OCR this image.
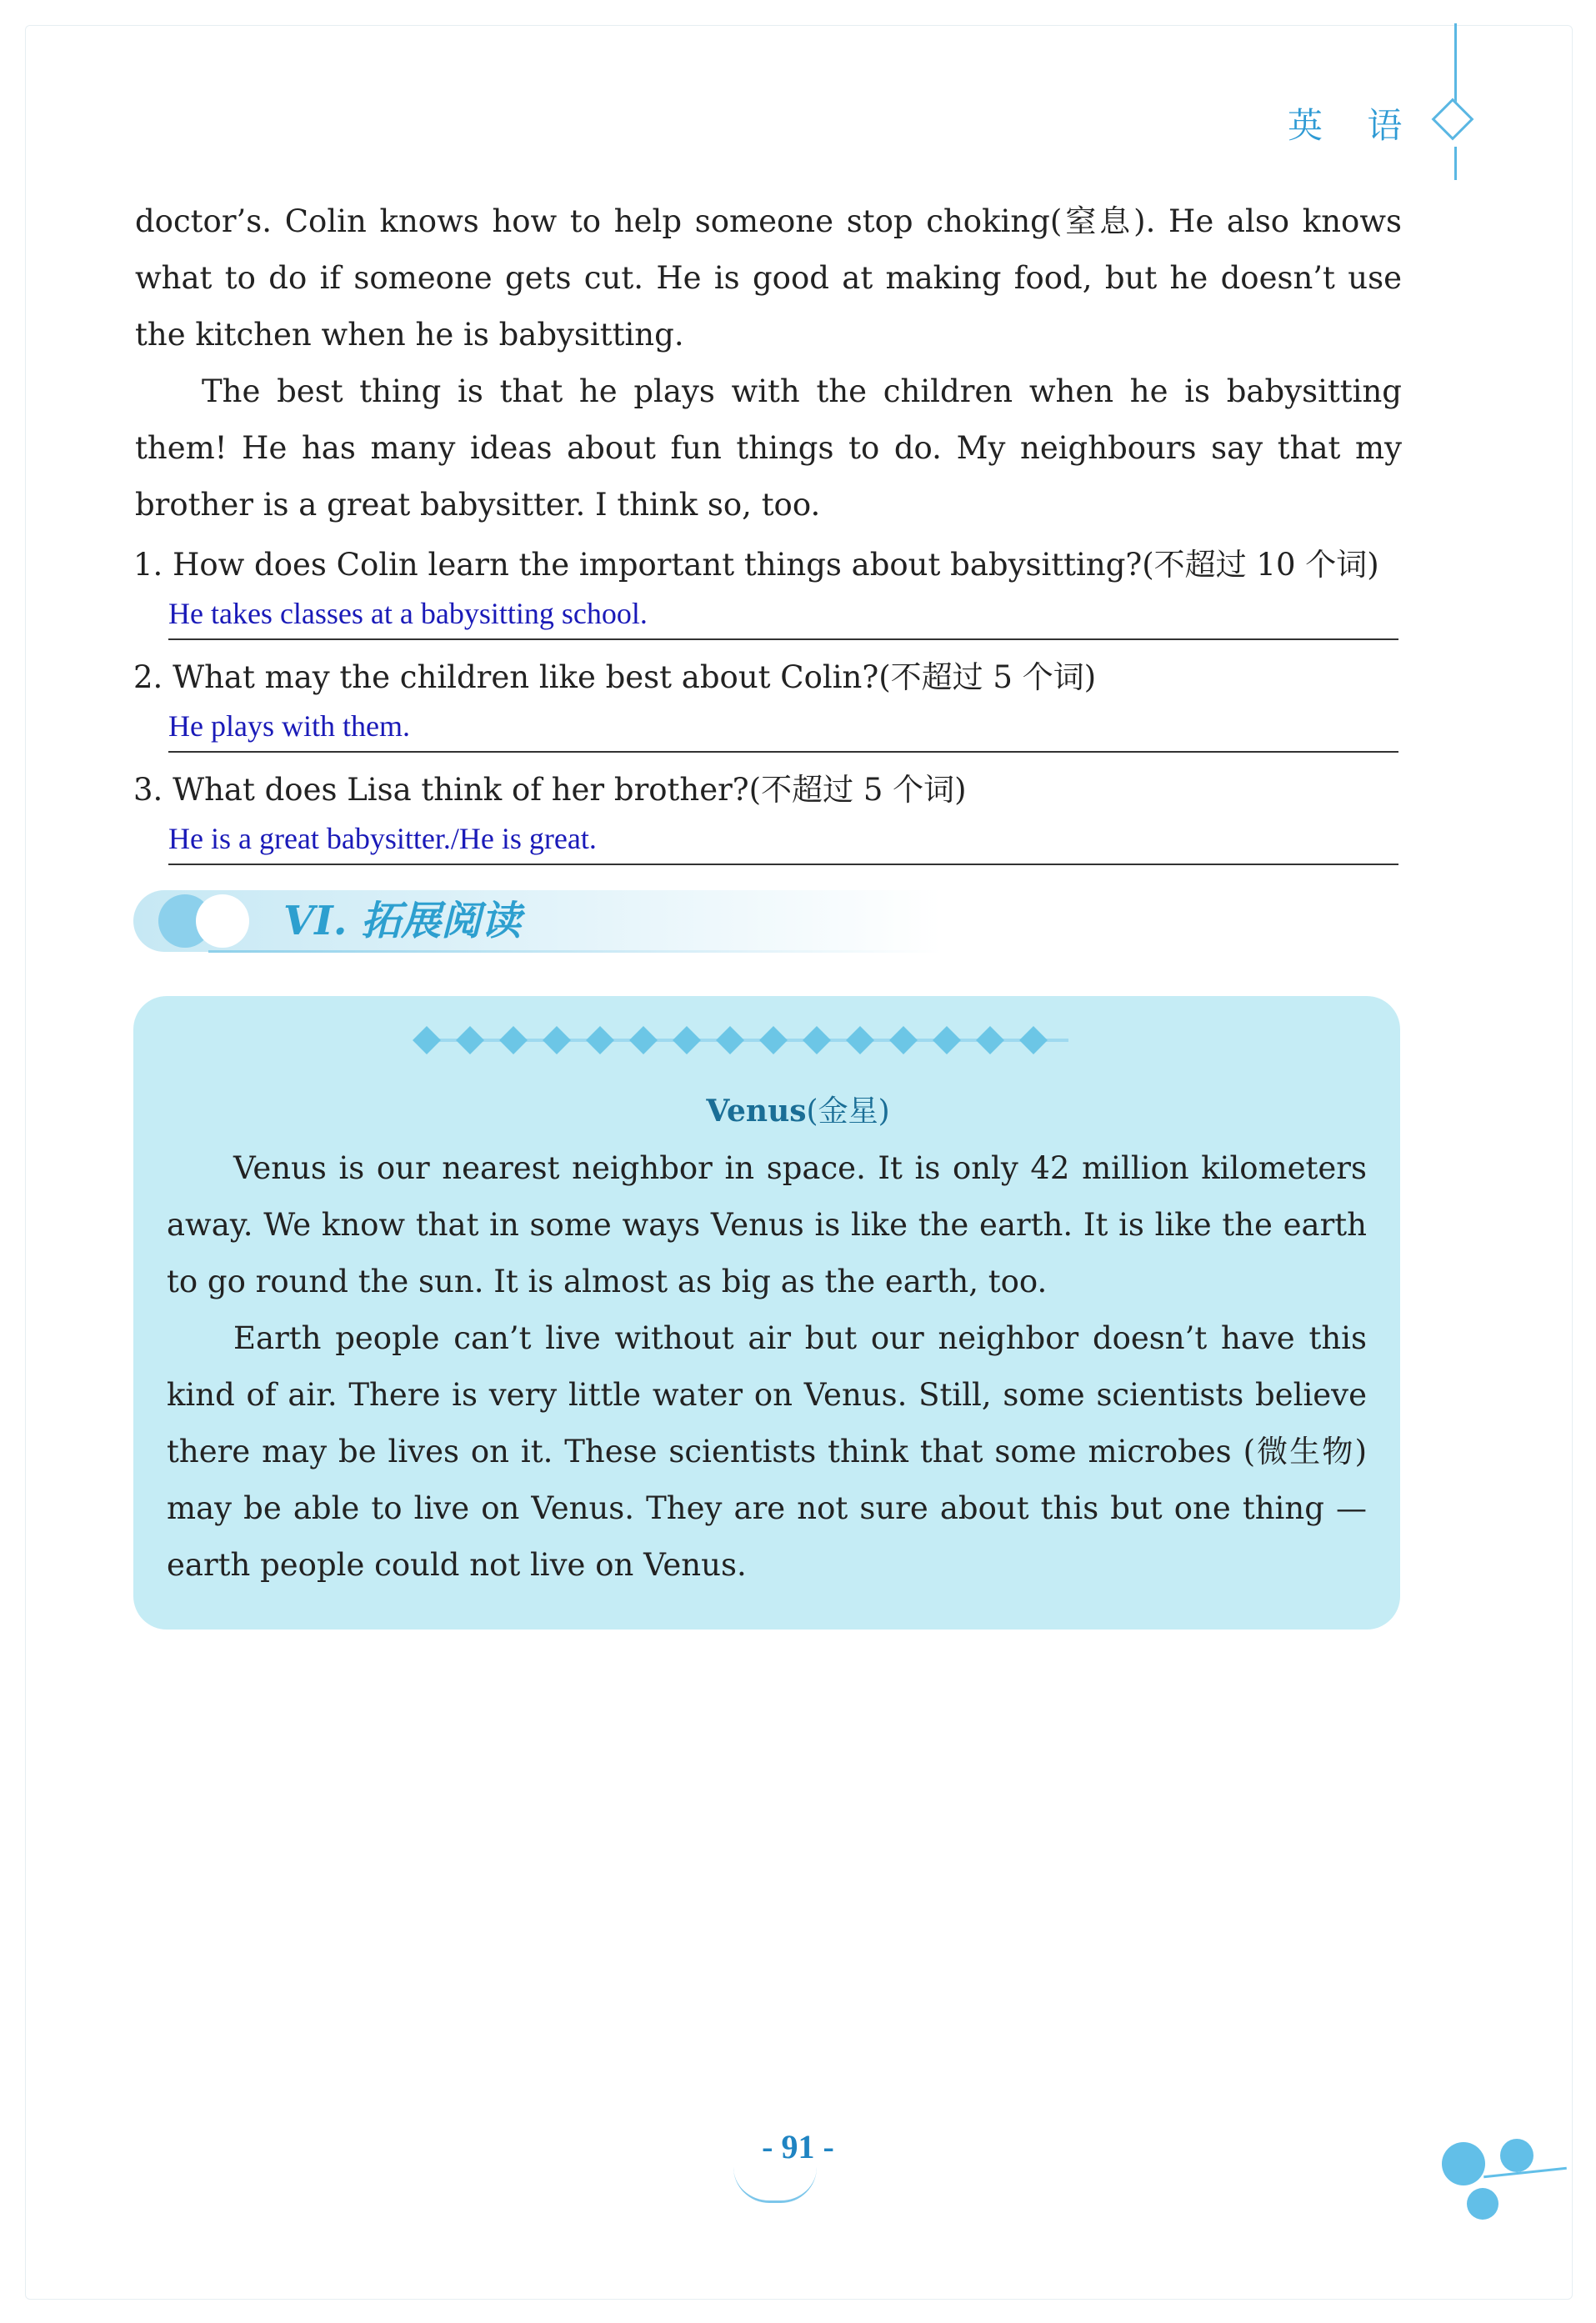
英 语

doctor’s. Colin knows how to help someone stop choking(窒息). He also knows what to do if someone gets cut. He is good at making food, but he doesn’t use the kitchen when he is babysitting.

The best thing is that he plays with the children when he is babysitting them! He has many ideas about fun things to do. My neighbours say that my brother is a great babysitter. I think so, too.

1. How does Colin learn the important things about babysitting?(不超过 10 个词)
He takes classes at a babysitting school.
2. What may the children like best about Colin?(不超过 5 个词)
He plays with them.
3. What does Lisa think of her brother?(不超过 5 个词)
He is a great babysitter./He is great.
VI. 拓展阅读
Venus(金星)

Venus is our nearest neighbor in space. It is only 42 million kilometers away. We know that in some ways Venus is like the earth. It is like the earth to go round the sun. It is almost as big as the earth, too.

Earth people can’t live without air but our neighbor doesn’t have this kind of air. There is very little water on Venus. Still, some scientists believe there may be lives on it. These scientists think that some microbes (微生物) may be able to live on Venus. They are not sure about this but one thing — earth people could not live on Venus.

- 91 -
